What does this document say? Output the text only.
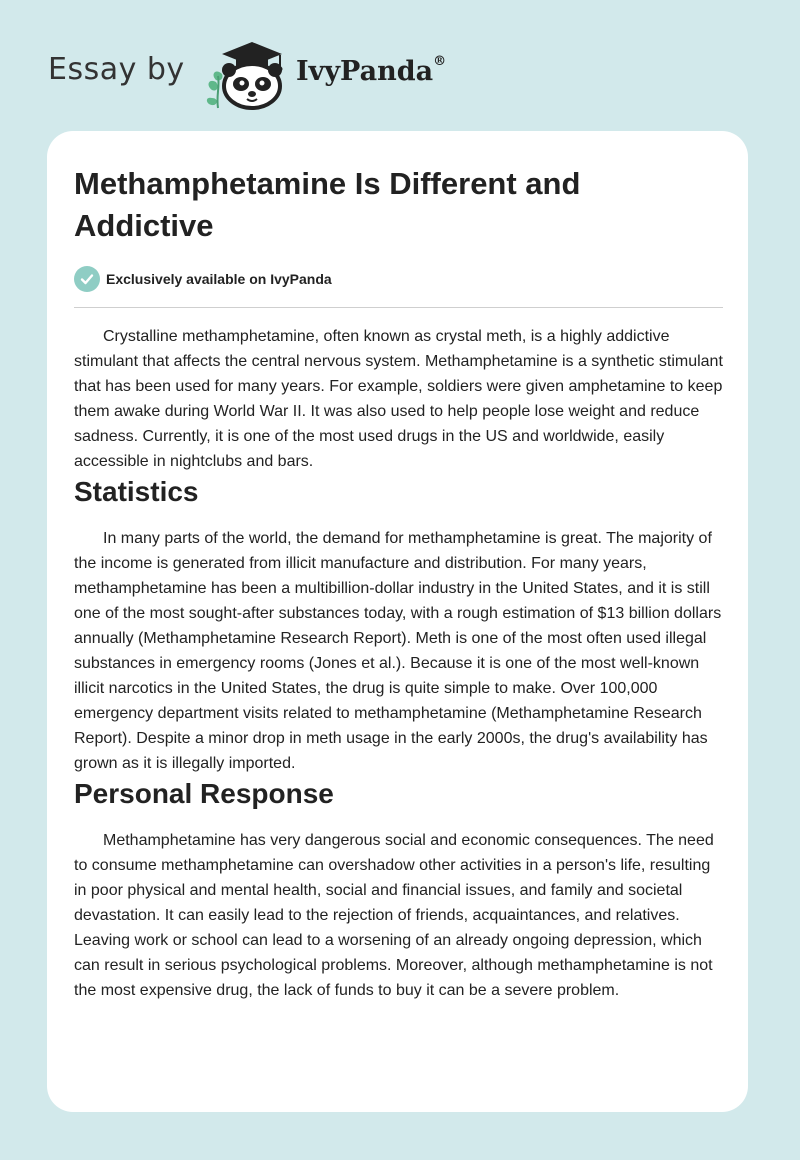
Essay by	IvyPanda®
Methamphetamine Is Different and Addictive
Exclusively available on IvyPanda

Crystalline methamphetamine, often known as crystal meth, is a highly addictive stimulant that affects the central nervous system. Methamphetamine is a synthetic stimulant that has been used for many years. For example, soldiers were given amphetamine to keep them awake during World War II. It was also used to help people lose weight and reduce sadness. Currently, it is one of the most used drugs in the US and worldwide, easily accessible in nightclubs and bars.

Statistics

In many parts of the world, the demand for methamphetamine is great. The majority of the income is generated from illicit manufacture and distribution. For many years, methamphetamine has been a multibillion-dollar industry in the United States, and it is still one of the most sought-after substances today, with a rough estimation of $13 billion dollars annually (Methamphetamine Research Report). Meth is one of the most often used illegal substances in emergency rooms (Jones et al.). Because it is one of the most well-known illicit narcotics in the United States, the drug is quite simple to make. Over 100,000 emergency department visits related to methamphetamine (Methamphetamine Research Report). Despite a minor drop in meth usage in the early 2000s, the drug's availability has grown as it is illegally imported.

Personal Response

Methamphetamine has very dangerous social and economic consequences. The need to consume methamphetamine can overshadow other activities in a person's life, resulting in poor physical and mental health, social and financial issues, and family and societal devastation. It can easily lead to the rejection of friends, acquaintances, and relatives. Leaving work or school can lead to a worsening of an already ongoing depression, which can result in serious psychological problems. Moreover, although methamphetamine is not the most expensive drug, the lack of funds to buy it can be a severe problem.
